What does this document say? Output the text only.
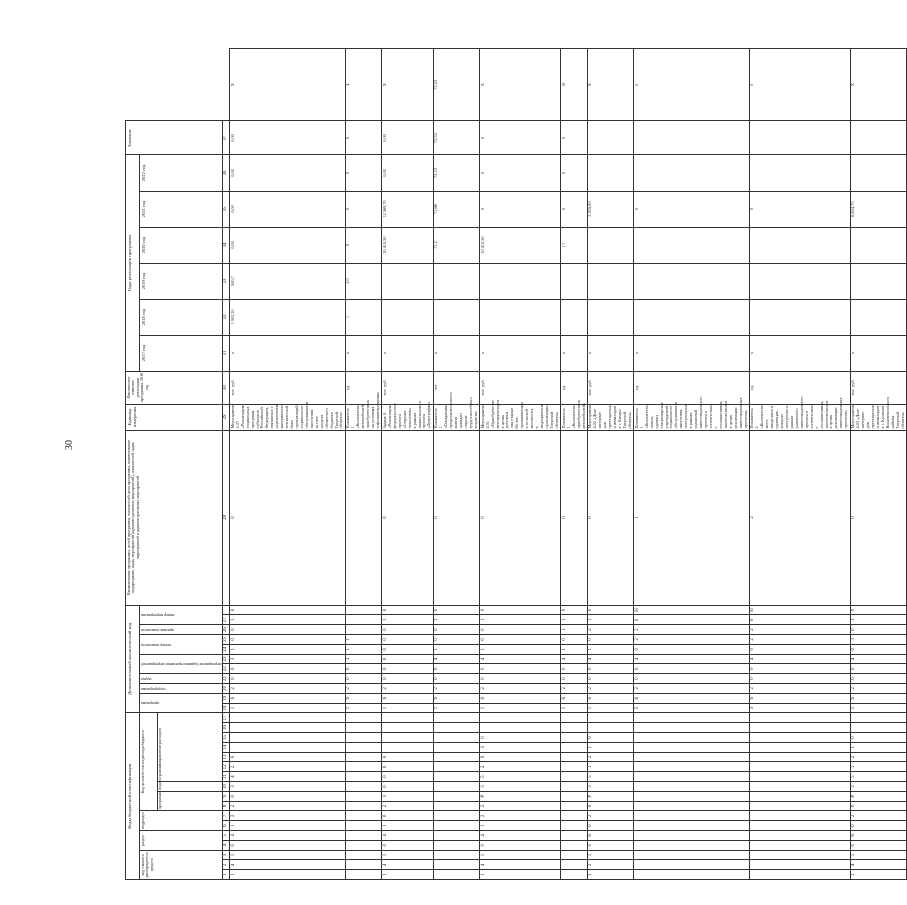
30
Коды бюджетной классификации																	Дополнительный аналитический код											Наименование программы, целей программы, показателей цели программы, наименование подпрограмм, задач, мероприятий (административных мероприятий), показателей задач, мероприятий и административных мероприятий	Единица измерения	Фактическое значение реализации программы, 2016 год	Годы реализации программы						Значение	
код главного распорядителя средств			раздел		подраздел		Код целевой статьи расхода бюджета										программа		подпрограмма	задача	мероприятие (административное мероприятие)		номер показателя		признак показателя	номер мероприятия					2017 год	2018 год	2019 год	2020 год	2021 год	2022 год		
							программа		подпрограмма	направление расходов																												
1	2	3	4	5	6	7	8	9	10	11	12	13	14	15	16	17	18	19	20	21	22	23	24	25	26	27		28	29	30	31	32	33	34	35	36	37	
1	4	1	0	4	1	2	2	0	3	4	2	0					1	6	2	0	0	3	1	0	0	1	0	0	Мероприятие 2.07 «Реализация социальных программ субъектов Российской Федерации, связанных с укреплением материально-технической базы организаций социального обслуживания населения за счет средств областного бюджета Тверской области»	тыс. руб.	х	1 003,30	500,7	0,00	0,00	0,00	0,00	Х
																	1	6	2	0	0	3	1	1					Показатель 1 «Количество автомобилей, приобретенных на условиях софинансирования»	ед.	х	1	3,0	0	0	0	0	4
1	4	1	0	4	1	0	2	3	0	0	0	0					1	6	2	0	0	0	0	0	0	1	0	0	Задача 4 «Реализация федерального проекта «Старшее поколение» в рамках национального проекта «Демография»	тыс. руб.	х			30 410,50	12 569,70	0,00	0,00	Х
																	1	6	2	0	0	4	1	0	0	1	0	0	Показатель 1 «Ожидаемая продолжительность жизни граждан старше трудоспособного возраста»	лет	х			71,2	71,66	72,10	72,53	72,53
1	4	1	0	4	1	2	2	Р	3	5	2	9	3	0			1	6	2	0	0	4	1	0	0	1	0	0	Мероприятие 4.01 «Приобретение автотранспорта в целях доставки лиц старше 65 лет, проживающих в сельской местности, в медицинские организации Тверской области»	тыс. руб.	х			30 410,50	0	0	0	Х
																	1	6	2	0	0	4	1	0	1	1	0	0	Показатель 1 «Количество приобретенных автомобилей»	ед.	х			17	0	0	0	18
1	2	1	0	6	0	2	0	Р	3	5	1	2	1	0			1	6	2	0	0	4	1	0	2	1	0	0	Мероприятие 4.02 «Дом-интернат для престарелых и инвалидов в г. Кимры Тверской области»	тыс. руб.	х				5 935,00			Х
																	5	6	2	0	0	4	0	2	2	0	Н	1	Показатель 1 «Количество новых, единиц стационарных учреждений социального обслуживания населения, построенных в рамках указанной инвестиционного проекта в соответствии с соглашениями, заключенными в целях реализации инвестиционных проектов»	ед.	х				0			0
																	3	6	2	0	0	4	0	2	2	0	Н	2	Показатель 2 «Количество мест, введенных в единицах, которые построены в рамках указанного инвестиционного проекта в соответствии с соглашениями, заключенными в целях реализации инвестиционных проектов»	ед.	х				0			0
1	4	1	0	6	0	2	0	Р	3	5	1	2	1	0			1	6	2	0	0	4	0	3	0	1	0	0	Мероприятие 4.03 «Дом-интернат для престарелых и инвалидов в г. Калинин Вышневолоцкого района Тверской области»	тыс. руб.	х				6 634,70			Х
